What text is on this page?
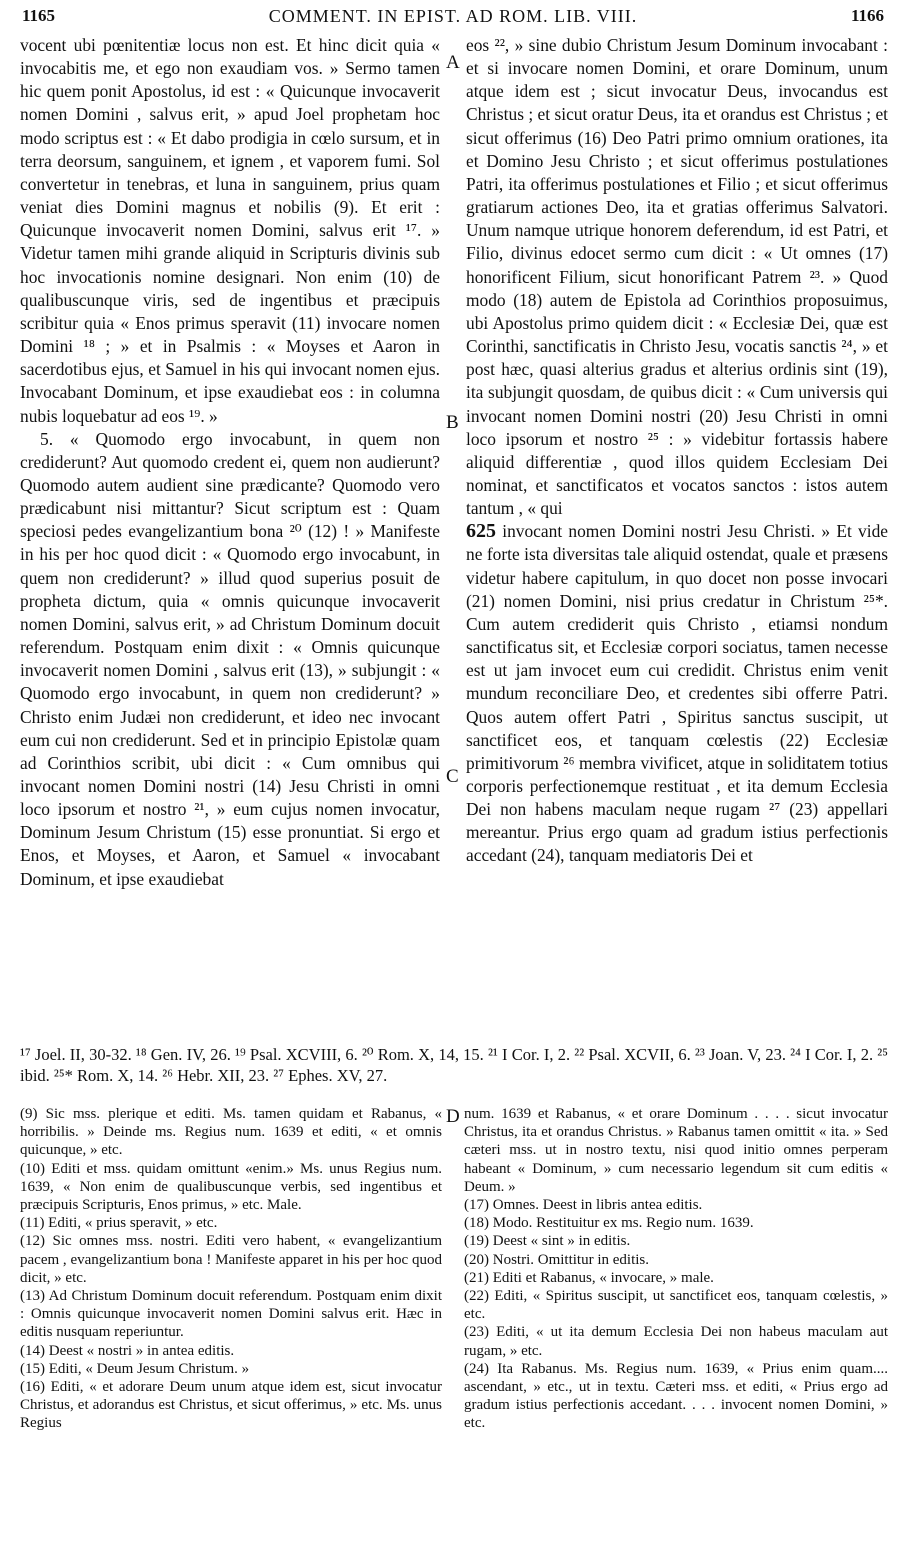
1165	COMMENT. IN EPIST. AD ROM. LIB. VIII.	1166

vocent ubi pœnitentiæ locus non est. Et hinc dicit quia « invocabitis me, et ego non exaudiam vos. » Sermo tamen hic quem ponit Apostolus, id est : « Quicunque invocaverit nomen Domini , salvus erit, » apud Joel prophetam hoc modo scriptus est : « Et dabo prodigia in cœlo sursum, et in terra deorsum, sanguinem, et ignem , et vaporem fumi. Sol convertetur in tenebras, et luna in sanguinem, prius quam veniat dies Domini magnus et nobilis (9). Et erit : Quicunque invocaverit nomen Domini, salvus erit ¹⁷. » Videtur tamen mihi grande aliquid in Scripturis divinis sub hoc invocationis nomine designari. Non enim (10) de qualibuscunque viris, sed de ingentibus et præcipuis scribitur quia « Enos primus speravit (11) invocare nomen Domini ¹⁸ ; » et in Psalmis : « Moyses et Aaron in sacerdotibus ejus, et Samuel in his qui invocant nomen ejus. Invocabant Dominum, et ipse exaudiebat eos : in columna nubis loquebatur ad eos ¹⁹. »

5. « Quomodo ergo invocabunt, in quem non crediderunt? Aut quomodo credent ei, quem non audierunt? Quomodo autem audient sine prædicante? Quomodo vero prædicabunt nisi mittantur? Sicut scriptum est : Quam speciosi pedes evangelizantium bona ²⁰ (12) ! » Manifeste in his per hoc quod dicit : « Quomodo ergo invocabunt, in quem non crediderunt? » illud quod superius posuit de propheta dictum, quia « omnis quicunque invocaverit nomen Domini, salvus erit, » ad Christum Dominum docuit referendum. Postquam enim dixit : « Omnis quicunque invocaverit nomen Domini , salvus erit (13), » subjungit : « Quomodo ergo invocabunt, in quem non crediderunt? » Christo enim Judæi non crediderunt, et ideo nec invocant eum cui non crediderunt. Sed et in principio Epistolæ quam ad Corinthios scribit, ubi dicit : « Cum omnibus qui invocant nomen Domini nostri (14) Jesu Christi in omni loco ipsorum et nostro ²¹, » eum cujus nomen invocatur, Dominum Jesum Christum (15) esse pronuntiat. Si ergo et Enos, et Moyses, et Aaron, et Samuel « invocabant Dominum, et ipse exaudiebat

A
B
C
D

eos ²², » sine dubio Christum Jesum Dominum invocabant : et si invocare nomen Domini, et orare Dominum, unum atque idem est ; sicut invocatur Deus, invocandus est Christus ; et sicut oratur Deus, ita et orandus est Christus ; et sicut offerimus (16) Deo Patri primo omnium orationes, ita et Domino Jesu Christo ; et sicut offerimus postulationes Patri, ita offerimus postulationes et Filio ; et sicut offerimus gratiarum actiones Deo, ita et gratias offerimus Salvatori. Unum namque utrique honorem deferendum, id est Patri, et Filio, divinus edocet sermo cum dicit : « Ut omnes (17) honorificent Filium, sicut honorificant Patrem ²³. » Quod modo (18) autem de Epistola ad Corinthios proposuimus, ubi Apostolus primo quidem dicit : « Ecclesiæ Dei, quæ est Corinthi, sanctificatis in Christo Jesu, vocatis sanctis ²⁴, » et post hæc, quasi alterius gradus et alterius ordinis sint (19), ita subjungit quosdam, de quibus dicit : « Cum universis qui invocant nomen Domini nostri (20) Jesu Christi in omni loco ipsorum et nostro ²⁵ : » videbitur fortassis habere aliquid differentiæ , quod illos quidem Ecclesiam Dei nominat, et sanctificatos et vocatos sanctos : istos autem tantum , « qui

625 invocant nomen Domini nostri Jesu Christi. » Et vide ne forte ista diversitas tale aliquid ostendat, quale et præsens videtur habere capitulum, in quo docet non posse invocari (21) nomen Domini, nisi prius credatur in Christum ²⁵*. Cum autem crediderit quis Christo , etiamsi nondum sanctificatus sit, et Ecclesiæ corpori sociatus, tamen necesse est ut jam invocet eum cui credidit. Christus enim venit mundum reconciliare Deo, et credentes sibi offerre Patri. Quos autem offert Patri , Spiritus sanctus suscipit, ut sanctificet eos, et tanquam cœlestis (22) Ecclesiæ primitivorum ²⁶ membra vivificet, atque in soliditatem totius corporis perfectionemque restituat , et ita demum Ecclesia Dei non habens maculam neque rugam ²⁷ (23) appellari mereantur. Prius ergo quam ad gradum istius perfectionis accedant (24), tanquam mediatoris Dei et

¹⁷ Joel. II, 30-32. ¹⁸ Gen. IV, 26. ¹⁹ Psal. XCVIII, 6. ²⁰ Rom. X, 14, 15. ²¹ I Cor. I, 2. ²² Psal. XCVII, 6. ²³ Joan. V, 23. ²⁴ I Cor. I, 2. ²⁵ ibid. ²⁵* Rom. X, 14. ²⁶ Hebr. XII, 23. ²⁷ Ephes. XV, 27.

(9) Sic mss. plerique et editi. Ms. tamen quidam et Rabanus, « horribilis. » Deinde ms. Regius num. 1639 et editi, « et omnis quicunque, » etc.

(10) Editi et mss. quidam omittunt «enim.» Ms. unus Regius num. 1639, « Non enim de qualibuscunque verbis, sed ingentibus et præcipuis Scripturis, Enos primus, » etc. Male.

(11) Editi, « prius speravit, » etc.

(12) Sic omnes mss. nostri. Editi vero habent, « evangelizantium pacem , evangelizantium bona ! Manifeste apparet in his per hoc quod dicit, » etc.

(13) Ad Christum Dominum docuit referendum. Postquam enim dixit : Omnis quicunque invocaverit nomen Domini salvus erit. Hæc in editis nusquam reperiuntur.

(14) Deest « nostri » in antea editis.

(15) Editi, « Deum Jesum Christum. »

(16) Editi, « et adorare Deum unum atque idem est, sicut invocatur Christus, et adorandus est Christus, et sicut offerimus, » etc. Ms. unus Regius

num. 1639 et Rabanus, « et orare Dominum . . . . sicut invocatur Christus, ita et orandus Christus. » Rabanus tamen omittit « ita. » Sed cæteri mss. ut in nostro textu, nisi quod initio omnes perperam habeant « Dominum, » cum necessario legendum sit cum editis « Deum. »

(17) Omnes. Deest in libris antea editis.

(18) Modo. Restituitur ex ms. Regio num. 1639.

(19) Deest « sint » in editis.

(20) Nostri. Omittitur in editis.

(21) Editi et Rabanus, « invocare, » male.

(22) Editi, « Spiritus suscipit, ut sanctificet eos, tanquam cœlestis, » etc.

(23) Editi, « ut ita demum Ecclesia Dei non habeus maculam aut rugam, » etc.

(24) Ita Rabanus. Ms. Regius num. 1639, « Prius enim quam.... ascendant, » etc., ut in textu. Cæteri mss. et editi, « Prius ergo ad gradum istius perfectionis accedant. . . . invocent nomen Domini, » etc.
